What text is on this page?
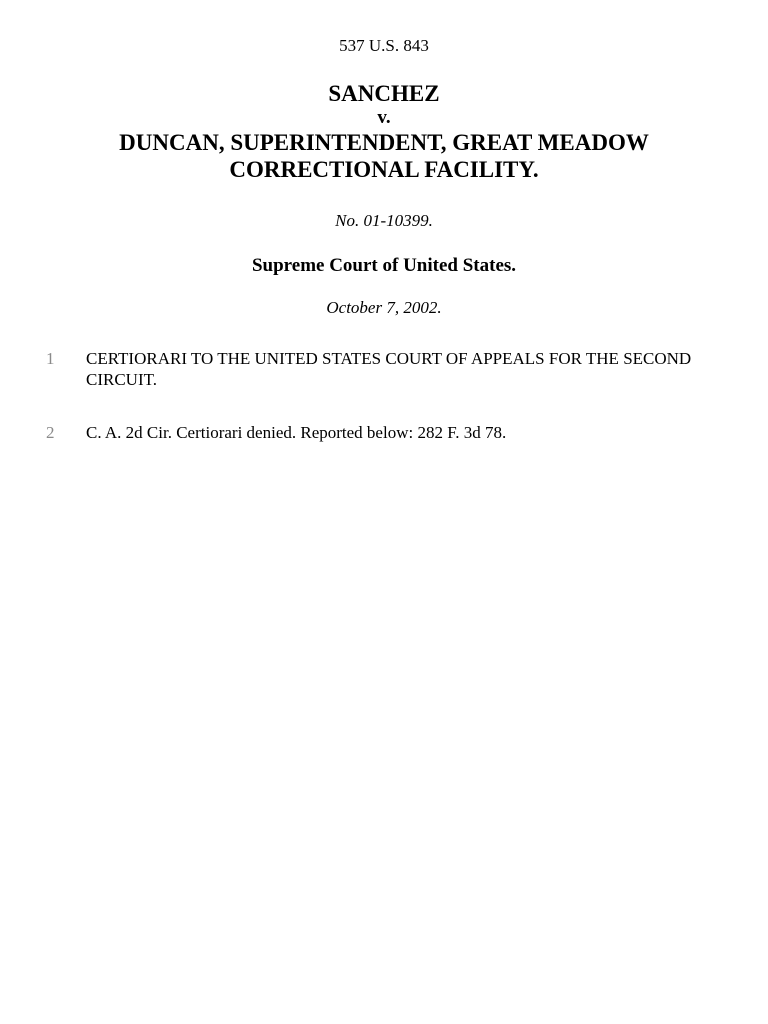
537 U.S. 843
SANCHEZ
v.
DUNCAN, SUPERINTENDENT, GREAT MEADOW
CORRECTIONAL FACILITY.
No. 01-10399.
Supreme Court of United States.
October 7, 2002.
1 CERTIORARI TO THE UNITED STATES COURT OF APPEALS FOR THE SECOND CIRCUIT.
2 C. A. 2d Cir. Certiorari denied. Reported below: 282 F. 3d 78.
